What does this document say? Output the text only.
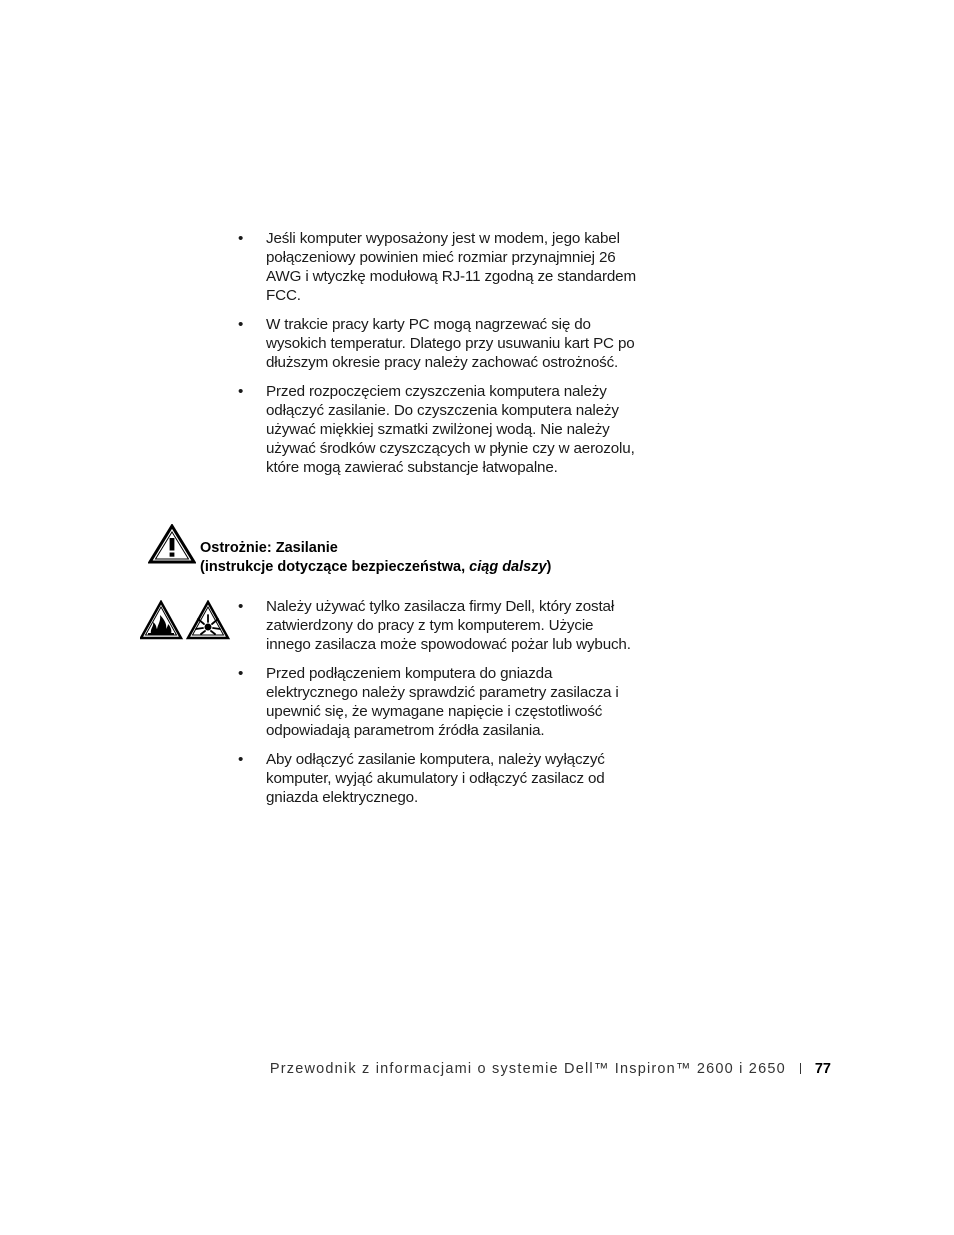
• Jeśli komputer wyposażony jest w modem, jego kabel połączeniowy powinien mieć rozmiar przynajmniej 26 AWG i wtyczkę modułową RJ-11 zgodną ze standardem FCC.
• W trakcie pracy karty PC mogą nagrzewać się do wysokich temperatur. Dlatego przy usuwaniu kart PC po dłuższym okresie pracy należy zachować ostrożność.
• Przed rozpoczęciem czyszczenia komputera należy odłączyć zasilanie. Do czyszczenia komputera należy używać miękkiej szmatki zwilżonej wodą. Nie należy używać środków czyszczących w płynie czy w aerozolu, które mogą zawierać substancje łatwopalne.
Ostrożnie: Zasilanie
(instrukcje dotyczące bezpieczeństwa, ciąg dalszy)
• Należy używać tylko zasilacza firmy Dell, który został zatwierdzony do pracy z tym komputerem. Użycie innego zasilacza może spowodować pożar lub wybuch.
• Przed podłączeniem komputera do gniazda elektrycznego należy sprawdzić parametry zasilacza i upewnić się, że wymagane napięcie i częstotliwość odpowiadają parametrom źródła zasilania.
• Aby odłączyć zasilanie komputera, należy wyłączyć komputer, wyjąć akumulatory i odłączyć zasilacz od gniazda elektrycznego.
Przewodnik z informacjami o systemie Dell™ Inspiron™ 2600 i 2650 77
